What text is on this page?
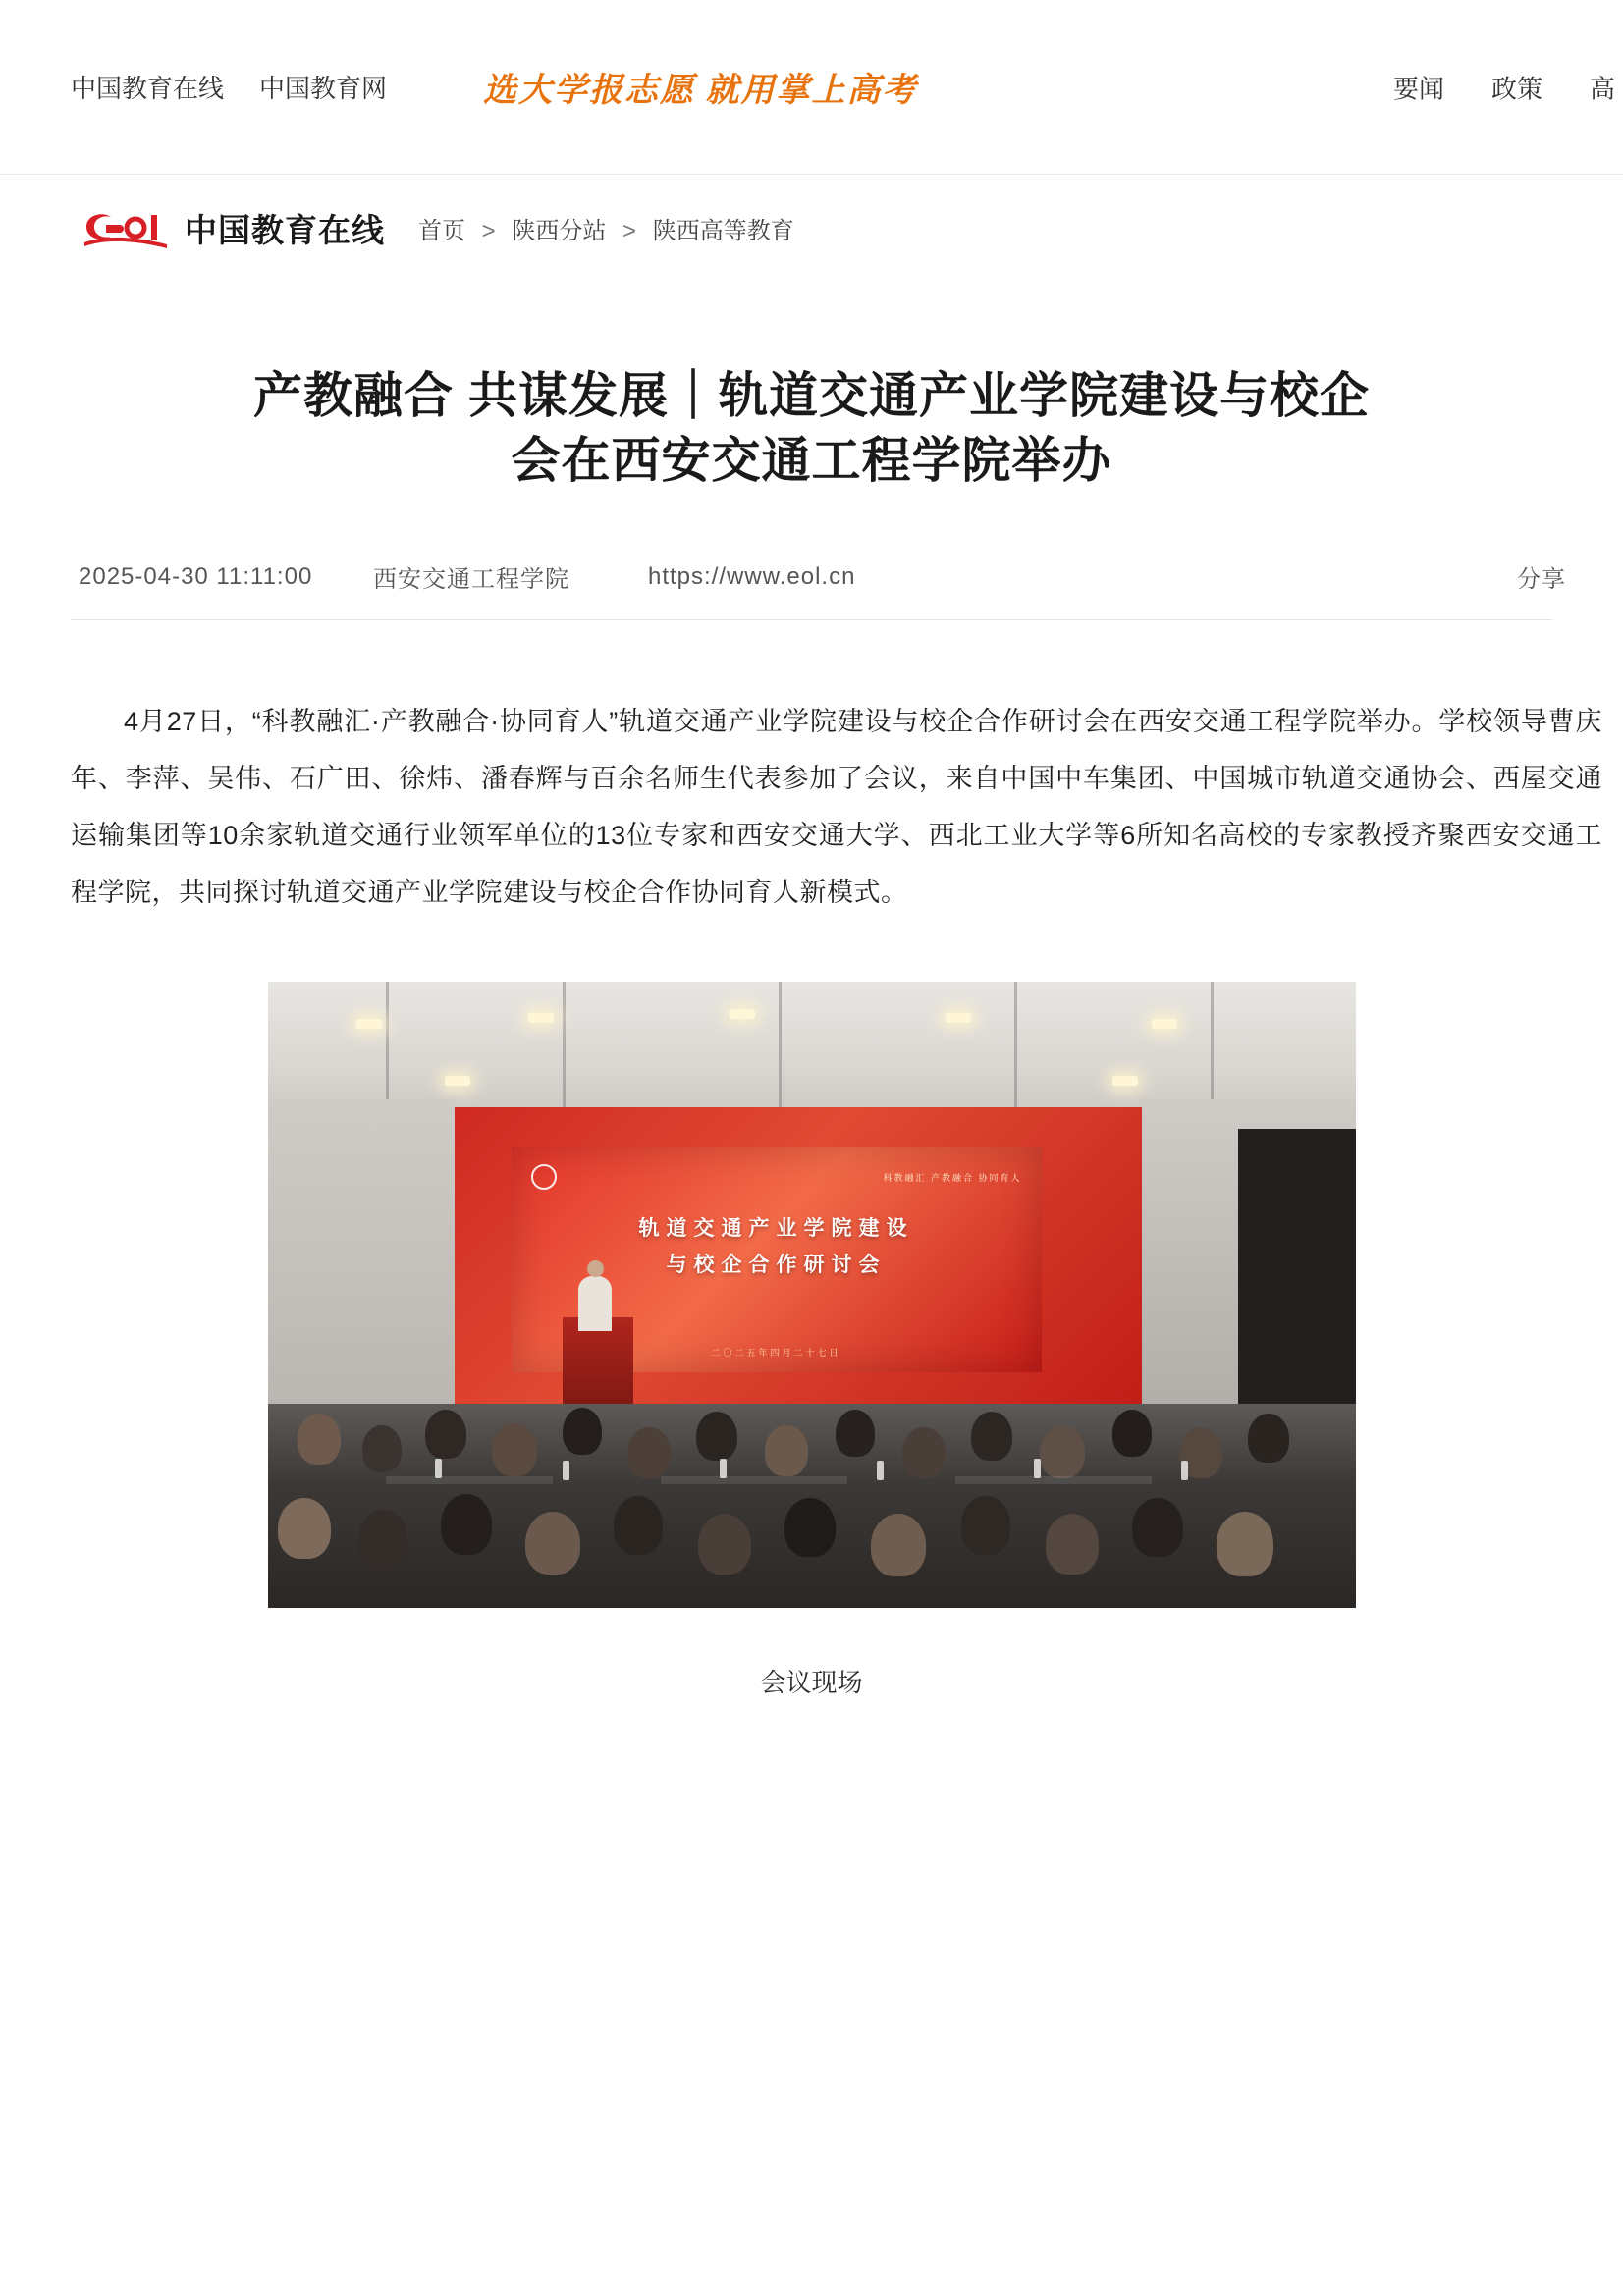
中国教育在线 中国教育网	选大学报志愿 就用掌上高考	要闻 政策 高
中国教育在线 首页 > 陕西分站 > 陕西高等教育
产教融合 共谋发展｜轨道交通产业学院建设与校企
会在西安交通工程学院举办
2025-04-30 11:11:00	西安交通工程学院	https://www.eol.cn	分享

4月27日，“科教融汇·产教融合·协同育人”轨道交通产业学院建设与校企合作研讨会在西安交通工程学院举办。学校领导曹庆年、李萍、吴伟、石广田、徐炜、潘春辉与百余名师生代表参加了会议，来自中国中车集团、中国城市轨道交通协会、西屋交通运输集团等10余家轨道交通行业领军单位的13位专家和西安交通大学、西北工业大学等6所知名高校的专家教授齐聚西安交通工程学院，共同探讨轨道交通产业学院建设与校企合作协同育人新模式。

科教融汇 产教融合 协同育人
轨道交通产业学院建设
与校企合作研讨会
二〇二五年四月二十七日
会议现场
